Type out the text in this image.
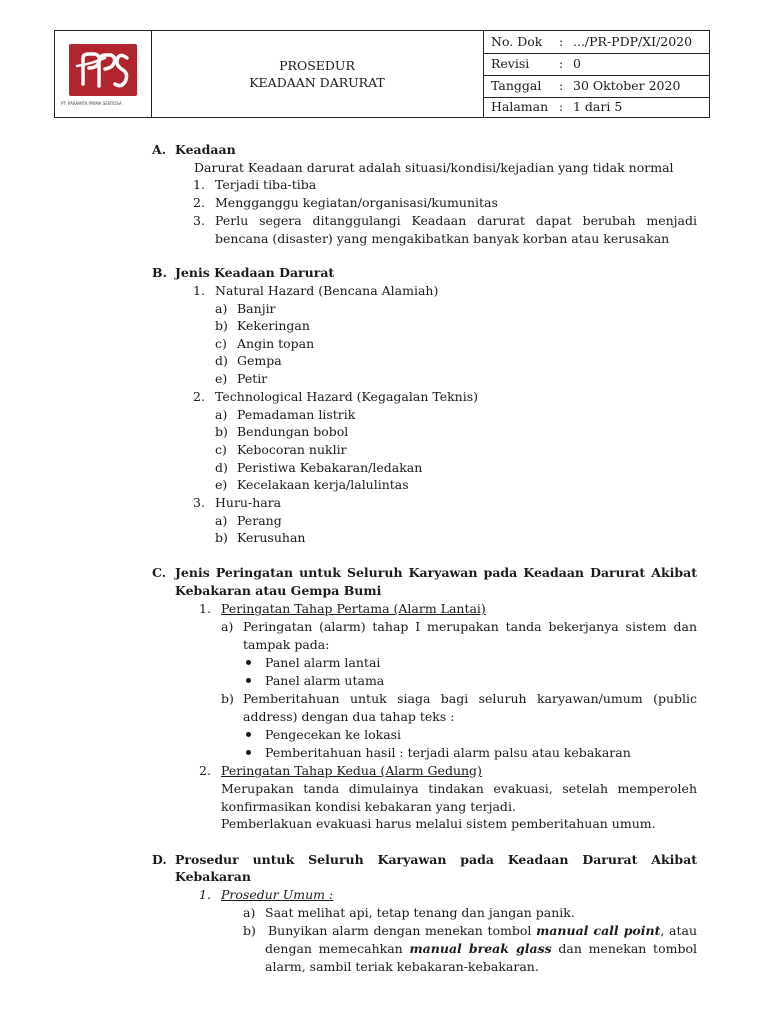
PT. PARAMITA PRIMA SENTOSA
PROSEDUR
KEADAAN DARURAT
No. Dok : .../PR-PDP/XI/2020
Revisi : 0
Tanggal : 30 Oktober 2020
Halaman : 1 dari 5
A. Keadaan
Darurat Keadaan darurat adalah situasi/kondisi/kejadian yang tidak normal
1. Terjadi tiba-tiba
2. Mengganggu kegiatan/organisasi/kumunitas
3. Perlu segera ditanggulangi Keadaan darurat dapat berubah menjadi
bencana (disaster) yang mengakibatkan banyak korban atau kerusakan
B. Jenis Keadaan Darurat
1. Natural Hazard (Bencana Alamiah)
a) Banjir
b) Kekeringan
c) Angin topan
d) Gempa
e) Petir
2. Technological Hazard (Kegagalan Teknis)
a) Pemadaman listrik
b) Bendungan bobol
c) Kebocoran nuklir
d) Peristiwa Kebakaran/ledakan
e) Kecelakaan kerja/lalulintas
3. Huru-hara
a) Perang
b) Kerusuhan
C. Jenis Peringatan untuk Seluruh Karyawan pada Keadaan Darurat Akibat
Kebakaran atau Gempa Bumi
1. Peringatan Tahap Pertama (Alarm Lantai)
a) Peringatan (alarm) tahap I merupakan tanda bekerjanya sistem dan
tampak pada:
Panel alarm lantai
Panel alarm utama
b) Pemberitahuan untuk siaga bagi seluruh karyawan/umum (public
address) dengan dua tahap teks :
Pengecekan ke lokasi
Pemberitahuan hasil : terjadi alarm palsu atau kebakaran
2. Peringatan Tahap Kedua (Alarm Gedung)
Merupakan tanda dimulainya tindakan evakuasi, setelah memperoleh
konfirmasikan kondisi kebakaran yang terjadi.
Pemberlakuan evakuasi harus melalui sistem pemberitahuan umum.
D. Prosedur untuk Seluruh Karyawan pada Keadaan Darurat Akibat
Kebakaran
1. Prosedur Umum :
a) Saat melihat api, tetap tenang dan jangan panik.
b) Bunyikan alarm dengan menekan tombol manual call point, atau
dengan memecahkan manual break glass dan menekan tombol
alarm, sambil teriak kebakaran-kebakaran.
